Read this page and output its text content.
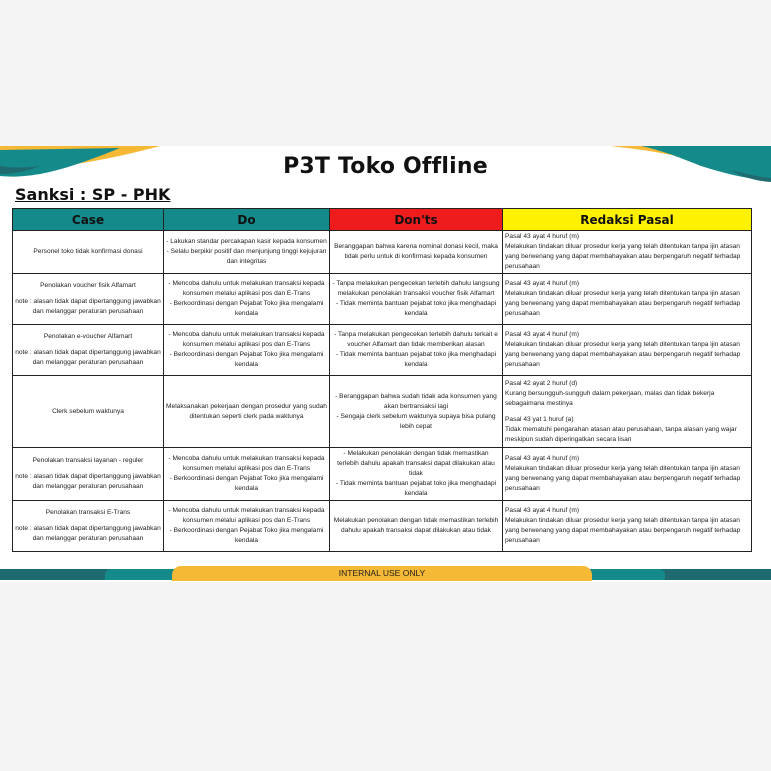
P3T Toko Offline
Sanksi : SP - PHK
Case	Do	Don'ts	Redaksi Pasal

Personel toko tidak konfirmasi donasi	- Lakukan standar percakapan kasir kepada konsumen
- Selalu berpikir positif dan menjunjung tinggi kejujuran dan integritas	Beranggapan bahwa karena nominal donasi kecil, maka tidak perlu untuk di konfirmasi kepada konsumen	Pasal 43 ayat 4 huruf (m)
Melakukan tindakan diluar prosedur kerja yang telah ditentukan tanpa ijin atasan yang berwenang yang dapat membahayakan atau berpengaruh negatif terhadap perusahaan

Penolakan voucher fisik Alfamart
note : alasan tidak dapat dipertanggung jawabkan dan melanggar peraturan perusahaan	- Mencoba dahulu untuk melakukan transaksi kepada konsumen melalui aplikasi pos dan E-Trans
- Berkoordinasi dengan Pejabat Toko jika mengalami kendala	- Tanpa melakukan pengecekan terlebih dahulu langsung melakukan penolakan transaksi voucher fisik Alfamart
- Tidak meminta bantuan pejabat toko jika menghadapi kendala	Pasal 43 ayat 4 huruf (m)
Melakukan tindakan diluar prosedur kerja yang telah ditentukan tanpa ijin atasan yang berwenang yang dapat membahayakan atau berpengaruh negatif terhadap perusahaan

Penolakan e-voucher Alfamart
note : alasan tidak dapat dipertanggung jawabkan dan melanggar peraturan perusahaan	- Mencoba dahulu untuk melakukan transaksi kepada konsumen melalui aplikasi pos dan E-Trans
- Berkoordinasi dengan Pejabat Toko jika mengalami kendala	- Tanpa melakukan pengecekan terlebih dahulu terkait e voucher Alfamart dan tidak memberikan alasan
- Tidak meminta bantuan pejabat toko jika menghadapi kendala	Pasal 43 ayat 4 huruf (m)
Melakukan tindakan diluar prosedur kerja yang telah ditentukan tanpa ijin atasan yang berwenang yang dapat membahayakan atau berpengaruh negatif terhadap perusahaan

Clerk sebelum waktunya	Melaksanakan pekerjaan dengan prosedur yang sudah ditentukan seperti clerk pada waktunya	- Beranggapan bahwa sudah tidak ada konsumen yang akan bertransaksi lagi
- Sengaja clerk sebelum waktunya supaya bisa pulang lebih cepat	Pasal 42 ayat 2 huruf (d)
Kurang bersungguh-sungguh dalam pekerjaan, malas dan tidak bekerja sebagaimana mestinya
Pasal 43 yat 1 huruf (a)
Tidak mematuhi pengarahan atasan atau perusahaan, tanpa alasan yang wajar meskipun sudah diperingatkan secara lisan

Penolakan transaksi layanan - reguler
note : alasan tidak dapat dipertanggung jawabkan dan melanggar peraturan perusahaan	- Mencoba dahulu untuk melakukan transaksi kepada konsumen melalui aplikasi pos dan E-Trans
- Berkoordinasi dengan Pejabat Toko jika mengalami kendala	- Melakukan penolakan dengan tidak memastikan terlebih dahulu apakah transaksi dapat dilakukan atau tidak
- Tidak meminta bantuan pejabat toko jika menghadapi kendala	Pasal 43 ayat 4 huruf (m)
Melakukan tindakan diluar prosedur kerja yang telah ditentukan tanpa ijin atasan yang berwenang yang dapat membahayakan atau berpengaruh negatif terhadap perusahaan

Penolakan transaksi E-Trans
note : alasan tidak dapat dipertanggung jawabkan dan melanggar peraturan perusahaan	- Mencoba dahulu untuk melakukan transaksi kepada konsumen melalui aplikasi pos dan E-Trans
- Berkoordinasi dengan Pejabat Toko jika mengalami kendala	Melakukan penolakan dengan tidak memastikan terlebih dahulu apakah transaksi dapat dilakukan atau tidak	Pasal 43 ayat 4 huruf (m)
Melakukan tindakan diluar prosedur kerja yang telah ditentukan tanpa ijin atasan yang berwenang yang dapat membahayakan atau berpengaruh negatif terhadap perusahaan
INTERNAL USE ONLY
